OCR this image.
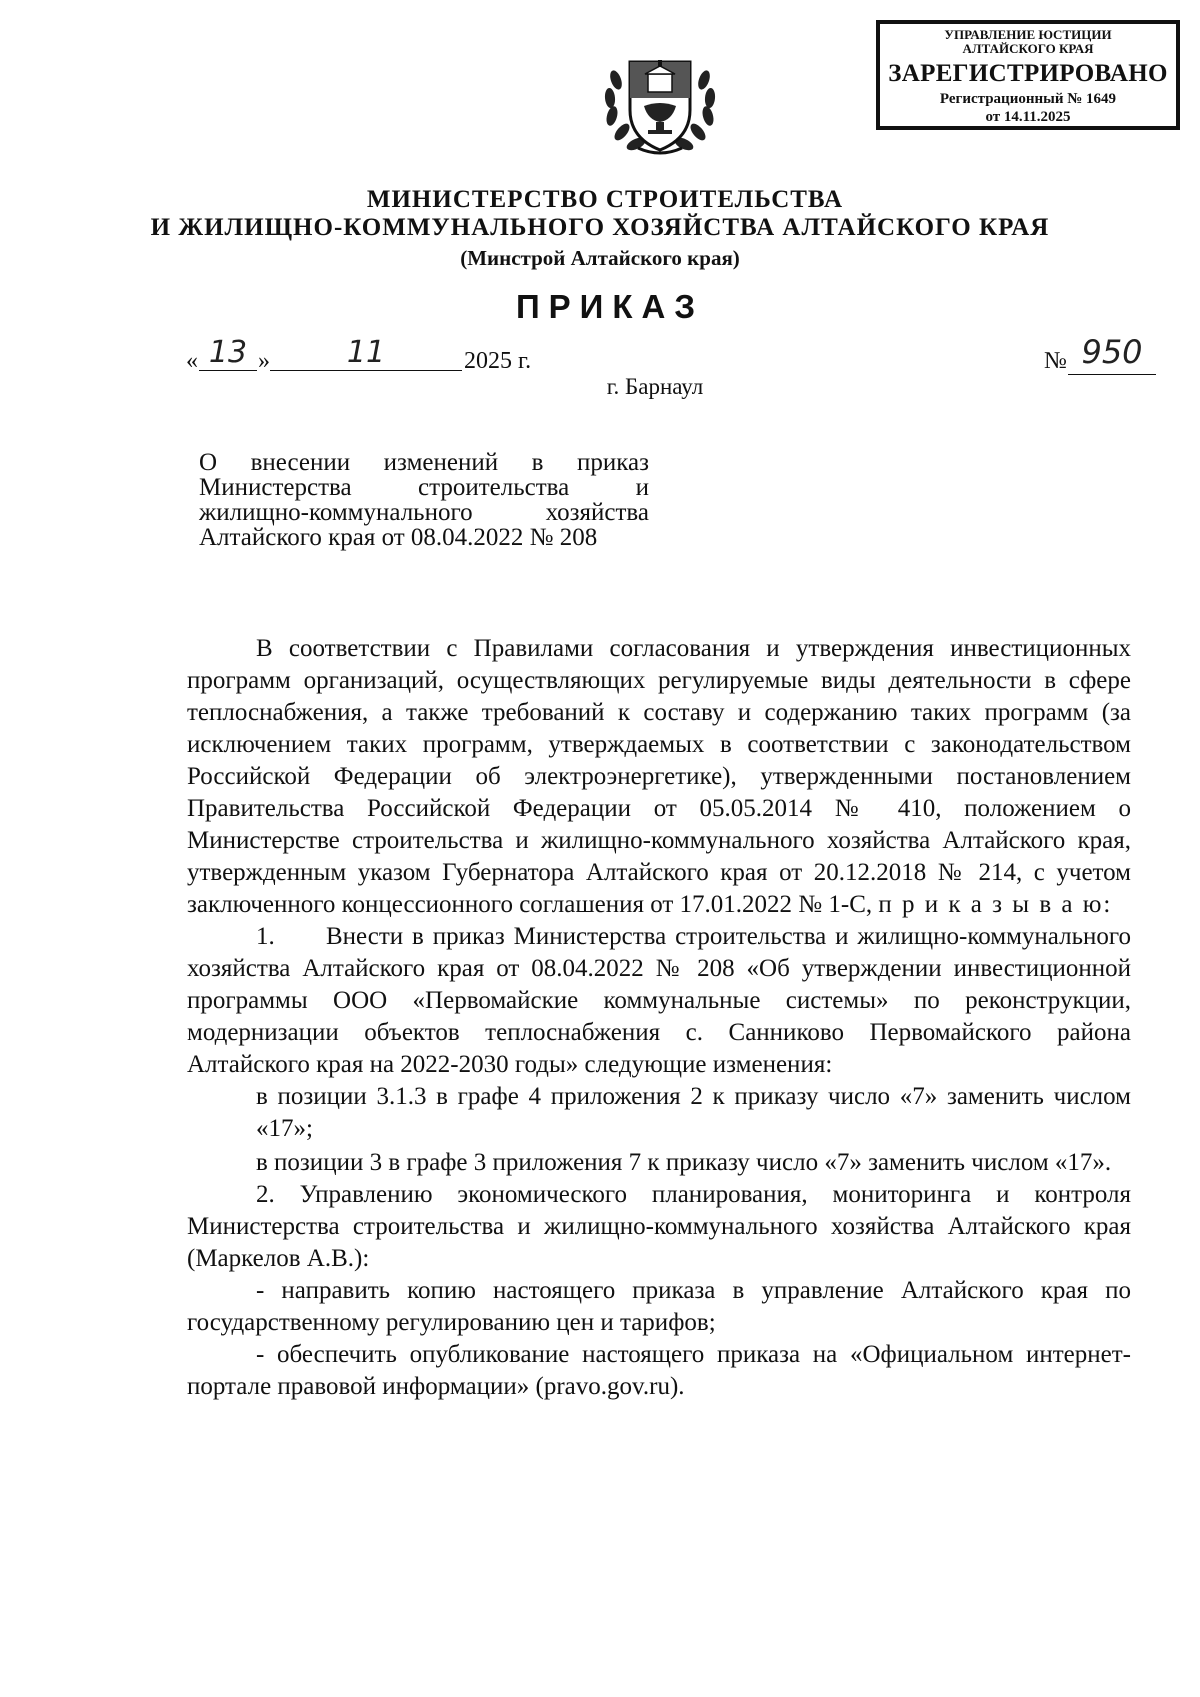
УПРАВЛЕНИЕ ЮСТИЦИИ
АЛТАЙСКОГО КРАЯ
ЗАРЕГИСТРИРОВАНО
Регистрационный № 1649
от 14.11.2025
МИНИСТЕРСТВО СТРОИТЕЛЬСТВА
И ЖИЛИЩНО-КОММУНАЛЬНОГО ХОЗЯЙСТВА АЛТАЙСКОГО КРАЯ
(Минстрой Алтайского края)
ПРИКАЗ
« 13 »	11	2025 г.	№ 950
г. Барнаул
О внесении изменений в приказ
Министерства строительства и
жилищно-коммунального хозяйства
Алтайского края от 08.04.2022 № 208

В соответствии с Правилами согласования и утверждения инвестиционных программ организаций, осуществляющих регулируемые виды деятельности в сфере теплоснабжения, а также требований к составу и содержанию таких программ (за исключением таких программ, утверждаемых в соответствии с законодательством Российской Федерации об электроэнергетике), утвержденными постановлением Правительства Российской Федерации от 05.05.2014 № 410, положением о Министерстве строительства и жилищно-коммунального хозяйства Алтайского края, утвержденным указом Губернатора Алтайского края от 20.12.2018 № 214, с учетом заключенного концессионного соглашения от 17.01.2022 № 1-С, п р и к а з ы в а ю:

1. Внести в приказ Министерства строительства и жилищно-коммунального хозяйства Алтайского края от 08.04.2022 № 208 «Об утверждении инвестиционной программы ООО «Первомайские коммунальные системы» по реконструкции, модернизации объектов теплоснабжения с. Санниково Первомайского района Алтайского края на 2022-2030 годы» следующие изменения:

в позиции 3.1.3 в графе 4 приложения 2 к приказу число «7» заменить числом «17»;

в позиции 3 в графе 3 приложения 7 к приказу число «7» заменить числом «17».

2. Управлению экономического планирования, мониторинга и контроля Министерства строительства и жилищно-коммунального хозяйства Алтайского края (Маркелов А.В.):

- направить копию настоящего приказа в управление Алтайского края по государственному регулированию цен и тарифов;

- обеспечить опубликование настоящего приказа на «Официальном интернет-портале правовой информации» (pravo.gov.ru).
